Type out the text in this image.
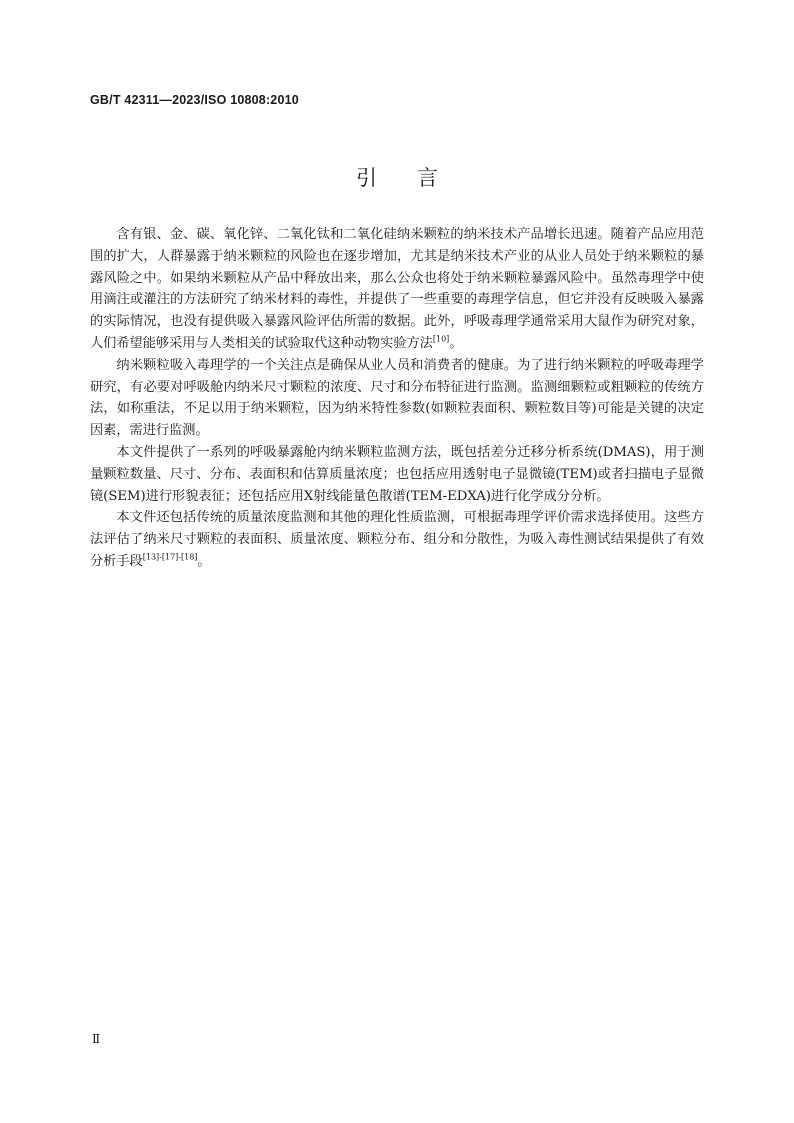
GB/T 42311—2023/ISO 10808:2010
引言

含有银、金、碳、氧化锌、二氧化钛和二氧化硅纳米颗粒的纳米技术产品增长迅速。随着产品应用范围的扩大，人群暴露于纳米颗粒的风险也在逐步增加，尤其是纳米技术产业的从业人员处于纳米颗粒的暴露风险之中。如果纳米颗粒从产品中释放出来，那么公众也将处于纳米颗粒暴露风险中。虽然毒理学中使用滴注或灌注的方法研究了纳米材料的毒性，并提供了一些重要的毒理学信息，但它并没有反映吸入暴露的实际情况，也没有提供吸入暴露风险评估所需的数据。此外，呼吸毒理学通常采用大鼠作为研究对象，人们希望能够采用与人类相关的试验取代这种动物实验方法[10]。

纳米颗粒吸入毒理学的一个关注点是确保从业人员和消费者的健康。为了进行纳米颗粒的呼吸毒理学研究，有必要对呼吸舱内纳米尺寸颗粒的浓度、尺寸和分布特征进行监测。监测细颗粒或粗颗粒的传统方法，如称重法，不足以用于纳米颗粒，因为纳米特性参数(如颗粒表面积、颗粒数目等)可能是关键的决定因素，需进行监测。

本文件提供了一系列的呼吸暴露舱内纳米颗粒监测方法，既包括差分迁移分析系统(DMAS)，用于测量颗粒数量、尺寸、分布、表面积和估算质量浓度；也包括应用透射电子显微镜(TEM)或者扫描电子显微镜(SEM)进行形貌表征；还包括应用X射线能量色散谱(TEM-EDXA)进行化学成分分析。

本文件还包括传统的质量浓度监测和其他的理化性质监测，可根据毒理学评价需求选择使用。这些方法评估了纳米尺寸颗粒的表面积、质量浓度、颗粒分布、组分和分散性，为吸入毒性测试结果提供了有效分析手段[13]-[17]-[18]。

Ⅱ
